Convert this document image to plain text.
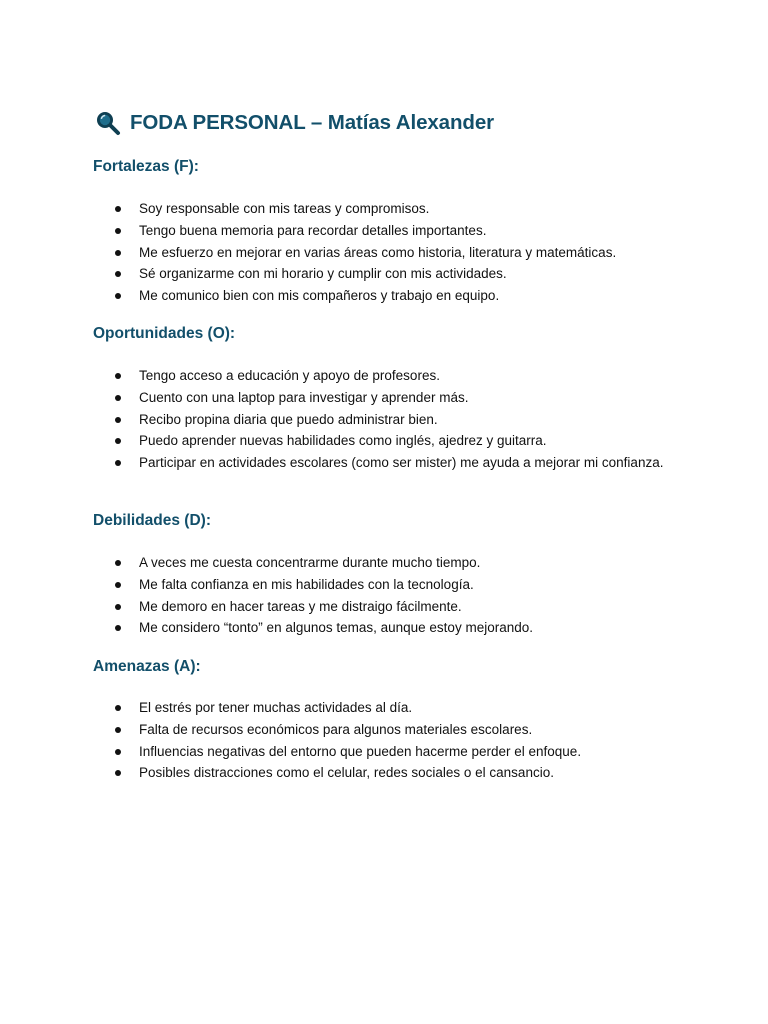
FODA PERSONAL – Matías Alexander
Fortalezas (F):
Soy responsable con mis tareas y compromisos.
Tengo buena memoria para recordar detalles importantes.
Me esfuerzo en mejorar en varias áreas como historia, literatura y matemáticas.
Sé organizarme con mi horario y cumplir con mis actividades.
Me comunico bien con mis compañeros y trabajo en equipo.
Oportunidades (O):
Tengo acceso a educación y apoyo de profesores.
Cuento con una laptop para investigar y aprender más.
Recibo propina diaria que puedo administrar bien.
Puedo aprender nuevas habilidades como inglés, ajedrez y guitarra.
Participar en actividades escolares (como ser mister) me ayuda a mejorar mi confianza.
Debilidades (D):
A veces me cuesta concentrarme durante mucho tiempo.
Me falta confianza en mis habilidades con la tecnología.
Me demoro en hacer tareas y me distraigo fácilmente.
Me considero “tonto” en algunos temas, aunque estoy mejorando.
Amenazas (A):
El estrés por tener muchas actividades al día.
Falta de recursos económicos para algunos materiales escolares.
Influencias negativas del entorno que pueden hacerme perder el enfoque.
Posibles distracciones como el celular, redes sociales o el cansancio.
